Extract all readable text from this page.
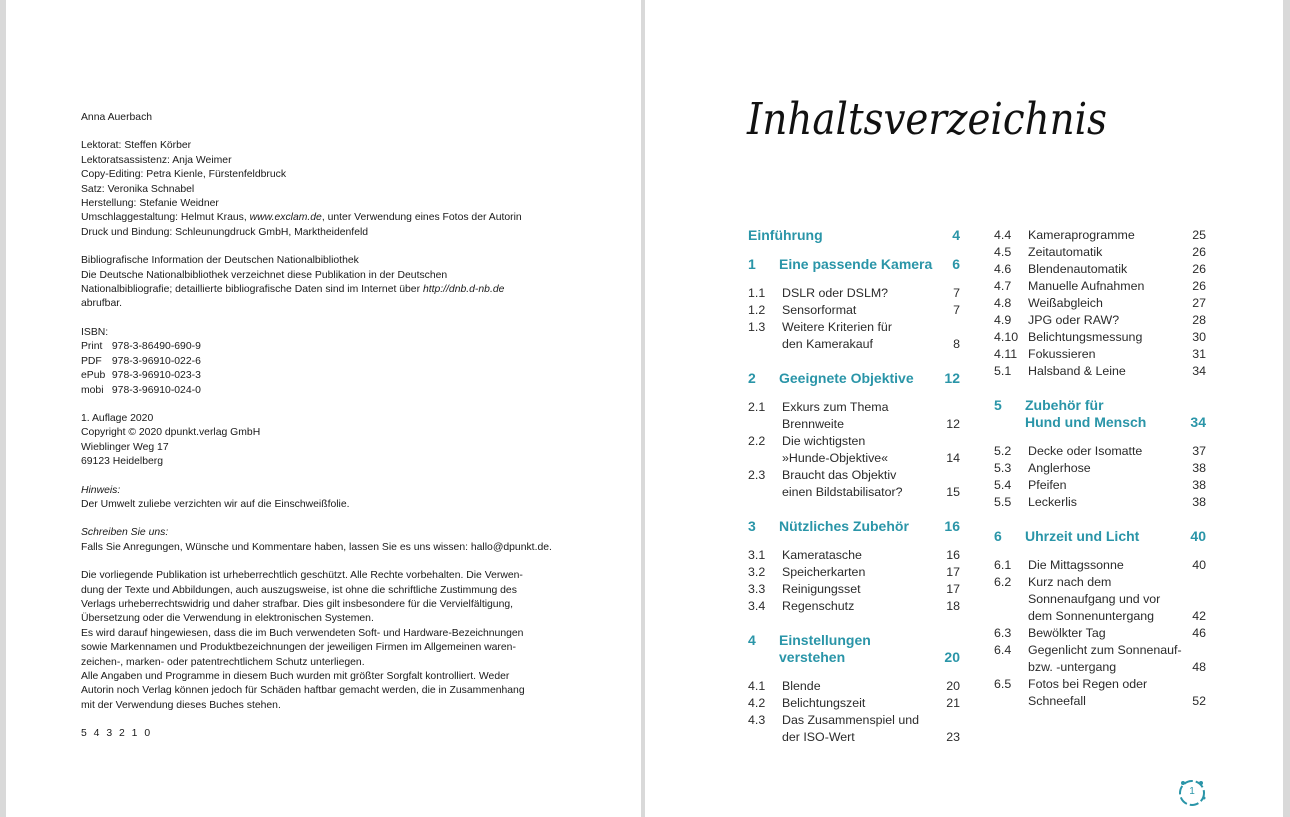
Anna Auerbach
Lektorat: Steffen Körber
Lektoratsassistenz: Anja Weimer
Copy-Editing: Petra Kienle, Fürstenfeldbruck
Satz: Veronika Schnabel
Herstellung: Stefanie Weidner
Umschlaggestaltung: Helmut Kraus, www.exclam.de, unter Verwendung eines Fotos der Autorin
Druck und Bindung: Schleunungdruck GmbH, Marktheidenfeld
Bibliografische Information der Deutschen Nationalbibliothek
Die Deutsche Nationalbibliothek verzeichnet diese Publikation in der Deutschen
Nationalbibliografie; detaillierte bibliografische Daten sind im Internet über http://dnb.d-nb.de
abrufbar.
ISBN:
Print 978-3-86490-690-9
PDF 978-3-96910-022-6
ePub 978-3-96910-023-3
mobi 978-3-96910-024-0
1. Auflage 2020
Copyright © 2020 dpunkt.verlag GmbH
Wieblinger Weg 17
69123 Heidelberg
Hinweis:
Der Umwelt zuliebe verzichten wir auf die Einschweißfolie.
Schreiben Sie uns:
Falls Sie Anregungen, Wünsche und Kommentare haben, lassen Sie es uns wissen: hallo@dpunkt.de.
Die vorliegende Publikation ist urheberrechtlich geschützt. Alle Rechte vorbehalten. Die Verwen-
dung der Texte und Abbildungen, auch auszugsweise, ist ohne die schriftliche Zustimmung des
Verlags urheberrechtswidrig und daher strafbar. Dies gilt insbesondere für die Vervielfältigung,
Übersetzung oder die Verwendung in elektronischen Systemen.
Es wird darauf hingewiesen, dass die im Buch verwendeten Soft- und Hardware-Bezeichnungen
sowie Markennamen und Produktbezeichnungen der jeweiligen Firmen im Allgemeinen waren-
zeichen-, marken- oder patentrechtlichem Schutz unterliegen.
Alle Angaben und Programme in diesem Buch wurden mit größter Sorgfalt kontrolliert. Weder
Autorin noch Verlag können jedoch für Schäden haftbar gemacht werden, die in Zusammenhang
mit der Verwendung dieses Buches stehen.
5 4 3 2 1 0
Inhaltsverzeichnis
Einführung	4
1	Eine passende Kamera	6
1.1	DSLR oder DSLM?	7
1.2	Sensorformat	7
1.3	Weitere Kriterien für
den Kamerakauf	8
2	Geeignete Objektive	12
2.1	Exkurs zum Thema
Brennweite	12
2.2	Die wichtigsten
»Hunde-Objektive«	14
2.3	Braucht das Objektiv
einen Bildstabilisator?	15
3	Nützliches Zubehör	16
3.1	Kameratasche	16
3.2	Speicherkarten	17
3.3	Reinigungsset	17
3.4	Regenschutz	18
4	Einstellungen
verstehen	20
4.1	Blende	20
4.2	Belichtungszeit	21
4.3	Das Zusammenspiel und
der ISO-Wert	23
4.4	Kameraprogramme	25
4.5	Zeitautomatik	26
4.6	Blendenautomatik	26
4.7	Manuelle Aufnahmen	26
4.8	Weißabgleich	27
4.9	JPG oder RAW?	28
4.10 Belichtungsmessung	30
4.11 Fokussieren	31
5.1	Halsband & Leine	34
5	Zubehör für
Hund und Mensch	34
5.2	Decke oder Isomatte	37
5.3	Anglerhose	38
5.4	Pfeifen	38
5.5	Leckerlis	38
6	Uhrzeit und Licht	40
6.1	Die Mittagssonne	40
6.2	Kurz nach dem
Sonnenaufgang und vor
dem Sonnenuntergang	42
6.3	Bewölkter Tag	46
6.4	Gegenlicht zum Sonnenauf-
bzw. -untergang	48
6.5	Fotos bei Regen oder
Schneefall	52
1
